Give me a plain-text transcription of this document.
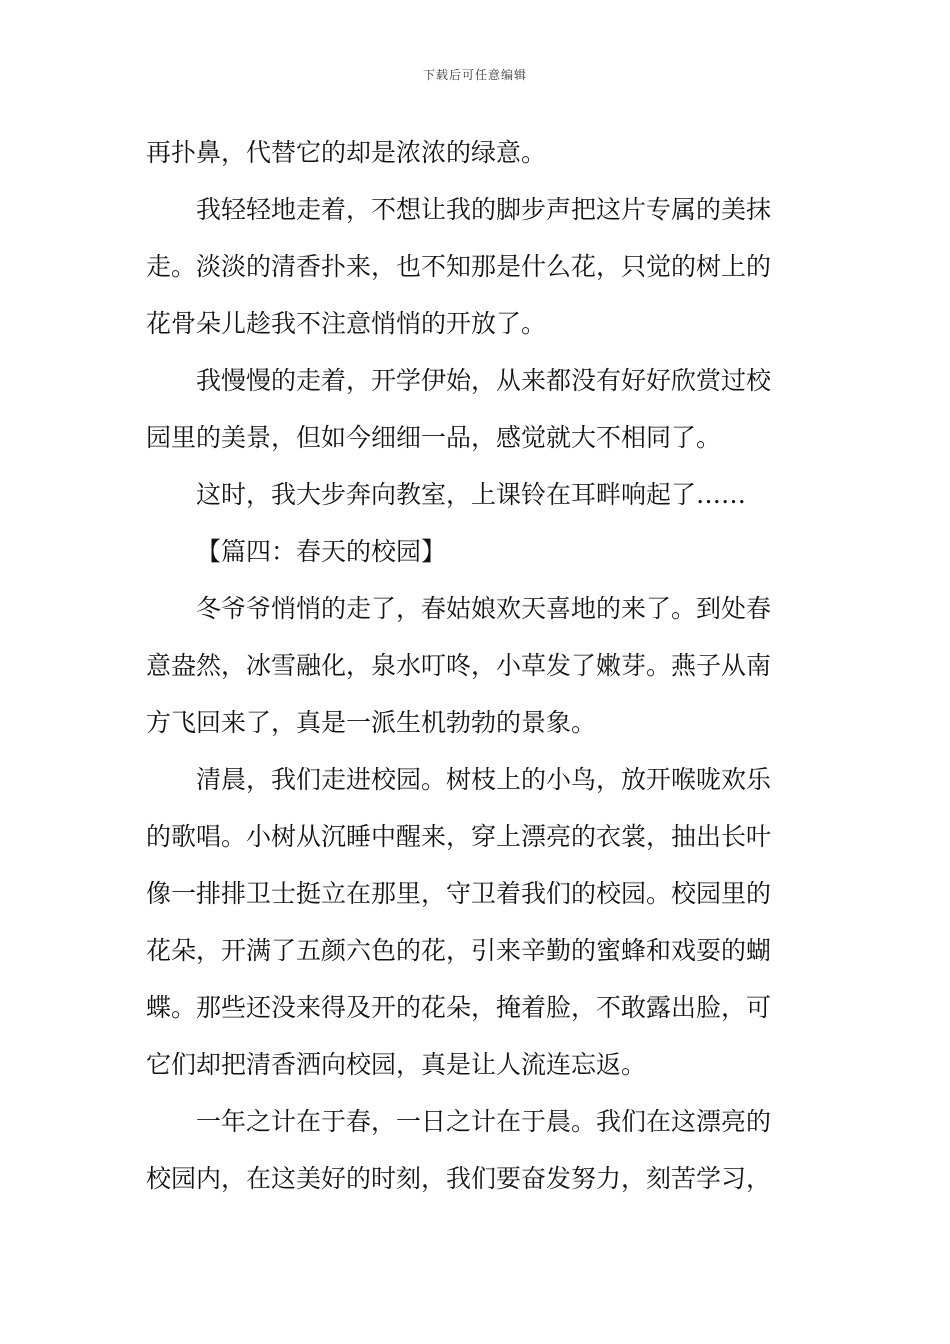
下载后可任意编辑
再扑鼻，代替它的却是浓浓的绿意。
我轻轻地走着，不想让我的脚步声把这片专属的美抹
走。淡淡的清香扑来，也不知那是什么花，只觉的树上的
花骨朵儿趁我不注意悄悄的开放了。
我慢慢的走着，开学伊始，从来都没有好好欣赏过校
园里的美景，但如今细细一品，感觉就大不相同了。
这时，我大步奔向教室，上课铃在耳畔响起了……
【篇四：春天的校园】
冬爷爷悄悄的走了，春姑娘欢天喜地的来了。到处春
意盎然，冰雪融化，泉水叮咚，小草发了嫩芽。燕子从南
方飞回来了，真是一派生机勃勃的景象。
清晨，我们走进校园。树枝上的小鸟，放开喉咙欢乐
的歌唱。小树从沉睡中醒来，穿上漂亮的衣裳，抽出长叶
像一排排卫士挺立在那里，守卫着我们的校园。校园里的
花朵，开满了五颜六色的花，引来辛勤的蜜蜂和戏耍的蝴
蝶。那些还没来得及开的花朵，掩着脸，不敢露出脸，可
它们却把清香洒向校园，真是让人流连忘返。
一年之计在于春，一日之计在于晨。我们在这漂亮的
校园内，在这美好的时刻，我们要奋发努力，刻苦学习，
